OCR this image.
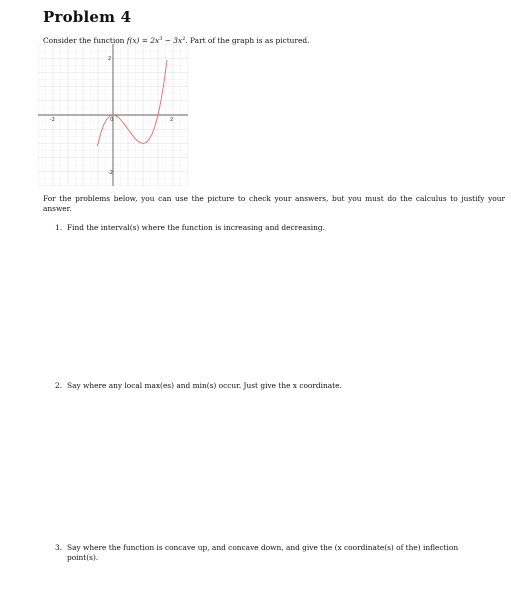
Problem 4
Consider the function $f(x) = 2x^3 - 3x^2$. Part of the graph is as pictured.
-2	0	2
2
-2
For the problems below, you can use the picture to check your answers, but you must do the calculus to justify your answer.
1. Find the interval(s) where the function is increasing and decreasing.
2. Say where any local max(es) and min(s) occur. Just give the x coordinate.
3. Say where the function is concave up, and concave down, and give the (x coordinate(s) of the) inflection
point(s).
